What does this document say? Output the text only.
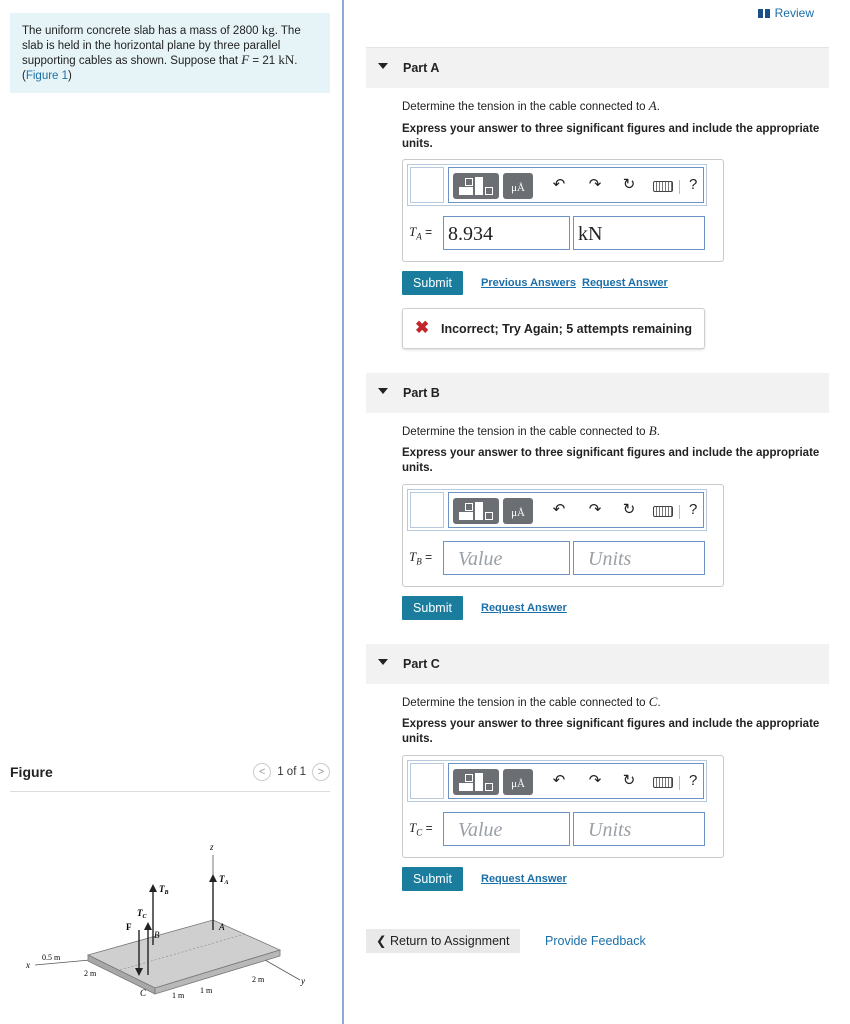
The uniform concrete slab has a mass of 2800 kg. The slab is held in the horizontal plane by three parallel supporting cables as shown. Suppose that F = 21 kN.
(Figure 1)
Figure	<	1 of 1	>
z
x
y
$T_A$
A
$T_B$
B
$T_C$
C
F
0.5 m
2 m
1 m
1 m
2 m
Review
Part A
Determine the tension in the cable connected to A.
Express your answer to three significant figures and include the appropriate units.
μÅ	↶ ↷ ↻	?
$T_A = 8.934$	kN
Submit	Previous Answers Request Answer
✖ Incorrect; Try Again; 5 attempts remaining
Part B
Determine the tension in the cable connected to B.
Express your answer to three significant figures and include the appropriate units.
μÅ	↶ ↷ ↻	?
$T_B$ =	Value	Units
Submit	Request Answer
Part C
Determine the tension in the cable connected to C.
Express your answer to three significant figures and include the appropriate units.
μÅ	↶ ↷ ↻	?
$T_C$ =	Value	Units
Submit	Request Answer
❮ Return to Assignment	Provide Feedback
